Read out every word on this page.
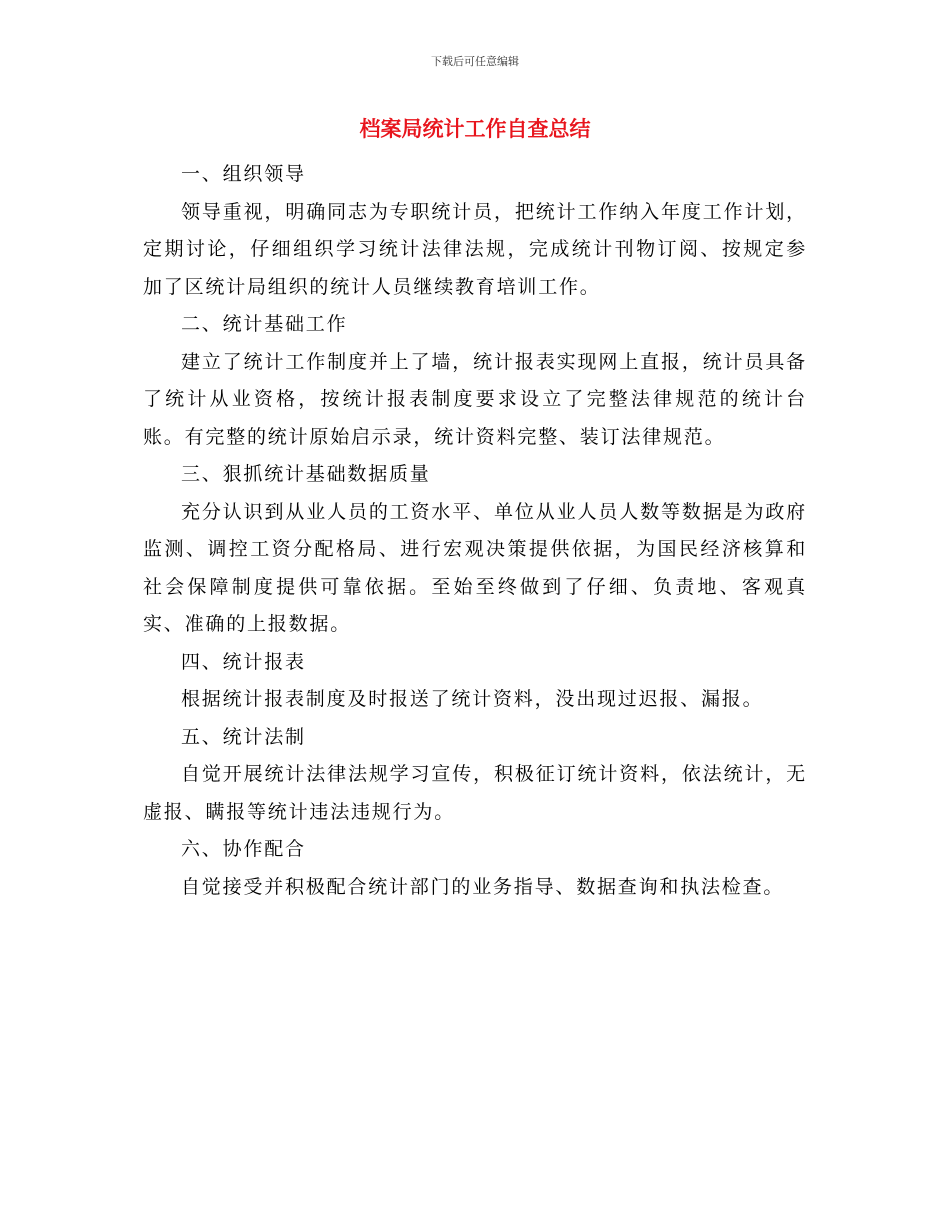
下载后可任意编辑
档案局统计工作自查总结

一、组织领导

领导重视，明确同志为专职统计员，把统计工作纳入年度工作计划，定期讨论，仔细组织学习统计法律法规，完成统计刊物订阅、按规定参加了区统计局组织的统计人员继续教育培训工作。

二、统计基础工作

建立了统计工作制度并上了墙，统计报表实现网上直报，统计员具备了统计从业资格，按统计报表制度要求设立了完整法律规范的统计台账。有完整的统计原始启示录，统计资料完整、装订法律规范。

三、狠抓统计基础数据质量

充分认识到从业人员的工资水平、单位从业人员人数等数据是为政府监测、调控工资分配格局、进行宏观决策提供依据，为国民经济核算和社会保障制度提供可靠依据。至始至终做到了仔细、负责地、客观真实、准确的上报数据。

四、统计报表

根据统计报表制度及时报送了统计资料，没出现过迟报、漏报。

五、统计法制

自觉开展统计法律法规学习宣传，积极征订统计资料，依法统计，无虚报、瞒报等统计违法违规行为。

六、协作配合

自觉接受并积极配合统计部门的业务指导、数据查询和执法检查。
